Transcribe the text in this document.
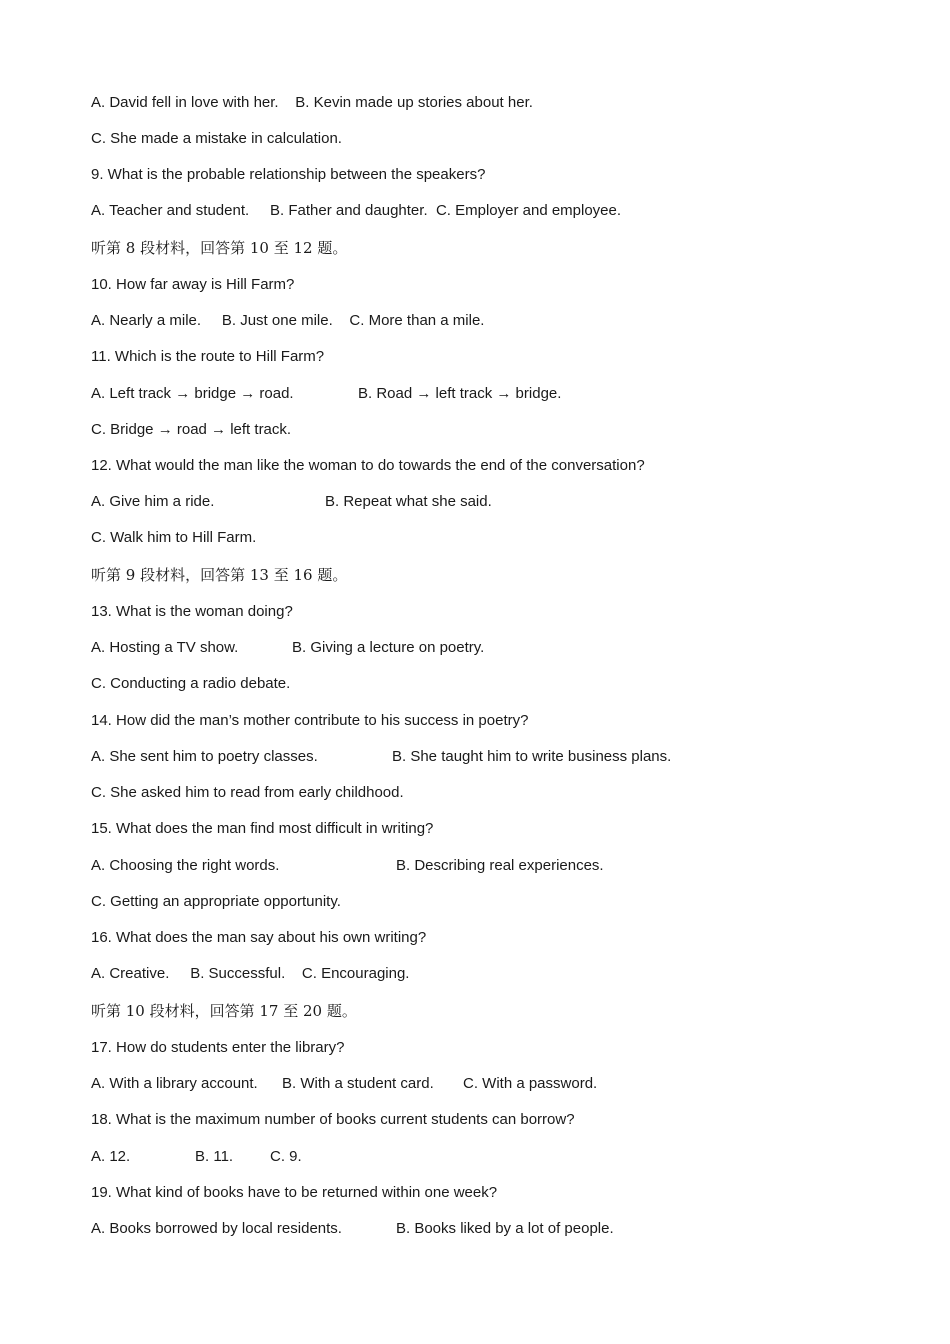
A. David fell in love with her.    B. Kevin made up stories about her.

C. She made a mistake in calculation.

9. What is the probable relationship between the speakers?

A. Teacher and student.

B. Father and daughter.  C. Employer and employee.

听第 8 段材料，回答第 10 至 12 题。

10. How far away is Hill Farm?

A. Nearly a mile.     B. Just one mile.    C. More than a mile.

11. Which is the route to Hill Farm?

A. Left track → bridge → road.

	B. Road → left track → bridge.

C. Bridge → road → left track.

12. What would the man like the woman to do towards the end of the conversation?

A. Give him a ride.

	B. Repeat what she said.

C. Walk him to Hill Farm.

听第 9 段材料，回答第 13 至 16 题。

13. What is the woman doing?

A. Hosting a TV show.

	B. Giving a lecture on poetry.

C. Conducting a radio debate.

14. How did the man’s mother contribute to his success in poetry?

A. She sent him to poetry classes.

	B. She taught him to write business plans.

C. She asked him to read from early childhood.

15. What does the man find most difficult in writing?

A. Choosing the right words.

	B. Describing real experiences.

C. Getting an appropriate opportunity.

16. What does the man say about his own writing?

A. Creative.     B. Successful.    C. Encouraging.

听第 10 段材料，回答第 17 至 20 题。

17. How do students enter the library?

A. With a library account.

B. With a student card.

C. With a password.

18. What is the maximum number of books current students can borrow?

A. 12.

	B. 11.

C. 9.

19. What kind of books have to be returned within one week?

A. Books borrowed by local residents.

	B. Books liked by a lot of people.
